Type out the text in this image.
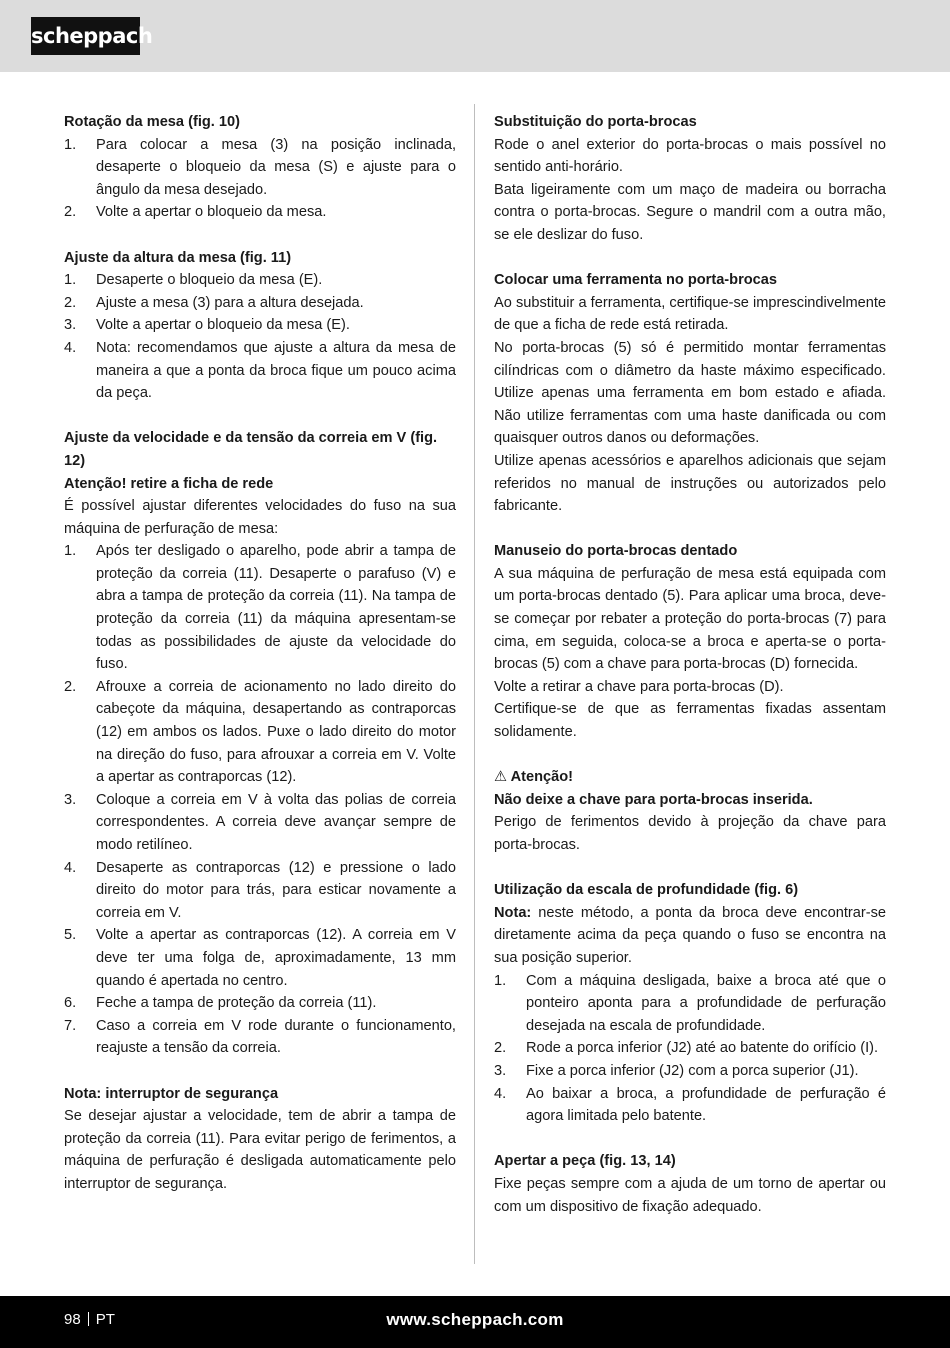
scheppach
Rotação da mesa (fig. 10)
1.	Para colocar a mesa (3) na posição inclinada, desaperte o bloqueio da mesa (S) e ajuste para o ângulo da mesa desejado.
2.	Volte a apertar o bloqueio da mesa.
Ajuste da altura da mesa (fig. 11)
1.	Desaperte o bloqueio da mesa (E).
2.	Ajuste a mesa (3) para a altura desejada.
3.	Volte a apertar o bloqueio da mesa (E).
4.	Nota: recomendamos que ajuste a altura da mesa de maneira a que a ponta da broca fique um pouco acima da peça.
Ajuste da velocidade e da tensão da correia em V (fig. 12)

Atenção! retire a ficha de rede

É possível ajustar diferentes velocidades do fuso na sua máquina de perfuração de mesa:

1.	Após ter desligado o aparelho, pode abrir a tampa de proteção da correia (11). Desaperte o parafuso (V) e abra a tampa de proteção da correia (11). Na tampa de proteção da correia (11) da máquina apresentam-se todas as possibilidades de ajuste da velocidade do fuso.
2.	Afrouxe a correia de acionamento no lado direito do cabeçote da máquina, desapertando as contraporcas (12) em ambos os lados. Puxe o lado direito do motor na direção do fuso, para afrouxar a correia em V. Volte a apertar as contraporcas (12).
3.	Coloque a correia em V à volta das polias de correia correspondentes. A correia deve avançar sempre de modo retilíneo.
4.	Desaperte as contraporcas (12) e pressione o lado direito do motor para trás, para esticar novamente a correia em V.
5.	Volte a apertar as contraporcas (12). A correia em V deve ter uma folga de, aproximadamente, 13 mm quando é apertada no centro.
6.	Feche a tampa de proteção da correia (11).
7.	Caso a correia em V rode durante o funcionamento, reajuste a tensão da correia.
Nota: interruptor de segurança

Se desejar ajustar a velocidade, tem de abrir a tampa de proteção da correia (11). Para evitar perigo de ferimentos, a máquina de perfuração é desligada automaticamente pelo interruptor de segurança.

Substituição do porta-brocas

Rode o anel exterior do porta-brocas o mais possível no sentido anti-horário.

Bata ligeiramente com um maço de madeira ou borracha contra o porta-brocas. Segure o mandril com a outra mão, se ele deslizar do fuso.

Colocar uma ferramenta no porta-brocas

Ao substituir a ferramenta, certifique-se imprescindivelmente de que a ficha de rede está retirada.

No porta-brocas (5) só é permitido montar ferramentas cilíndricas com o diâmetro da haste máximo especificado. Utilize apenas uma ferramenta em bom estado e afiada. Não utilize ferramentas com uma haste danificada ou com quaisquer outros danos ou deformações.

Utilize apenas acessórios e aparelhos adicionais que sejam referidos no manual de instruções ou autorizados pelo fabricante.

Manuseio do porta-brocas dentado

A sua máquina de perfuração de mesa está equipada com um porta-brocas dentado (5). Para aplicar uma broca, deve-se começar por rebater a proteção do porta-brocas (7) para cima, em seguida, coloca-se a broca e aperta-se o porta-brocas (5) com a chave para porta-brocas (D) fornecida.

Volte a retirar a chave para porta-brocas (D).

Certifique-se de que as ferramentas fixadas assentam solidamente.

⚠ Atenção!

Não deixe a chave para porta-brocas inserida.

Perigo de ferimentos devido à projeção da chave para porta-brocas.

Utilização da escala de profundidade (fig. 6)

Nota: neste método, a ponta da broca deve encontrar-se diretamente acima da peça quando o fuso se encontra na sua posição superior.

1.	Com a máquina desligada, baixe a broca até que o ponteiro aponta para a profundidade de perfuração desejada na escala de profundidade.
2.	Rode a porca inferior (J2) até ao batente do orifício (I).
3.	Fixe a porca inferior (J2) com a porca superior (J1).
4.	Ao baixar a broca, a profundidade de perfuração é agora limitada pelo batente.
Apertar a peça (fig. 13, 14)

Fixe peças sempre com a ajuda de um torno de apertar ou com um dispositivo de fixação adequado.

98 PT	www.scheppach.com
